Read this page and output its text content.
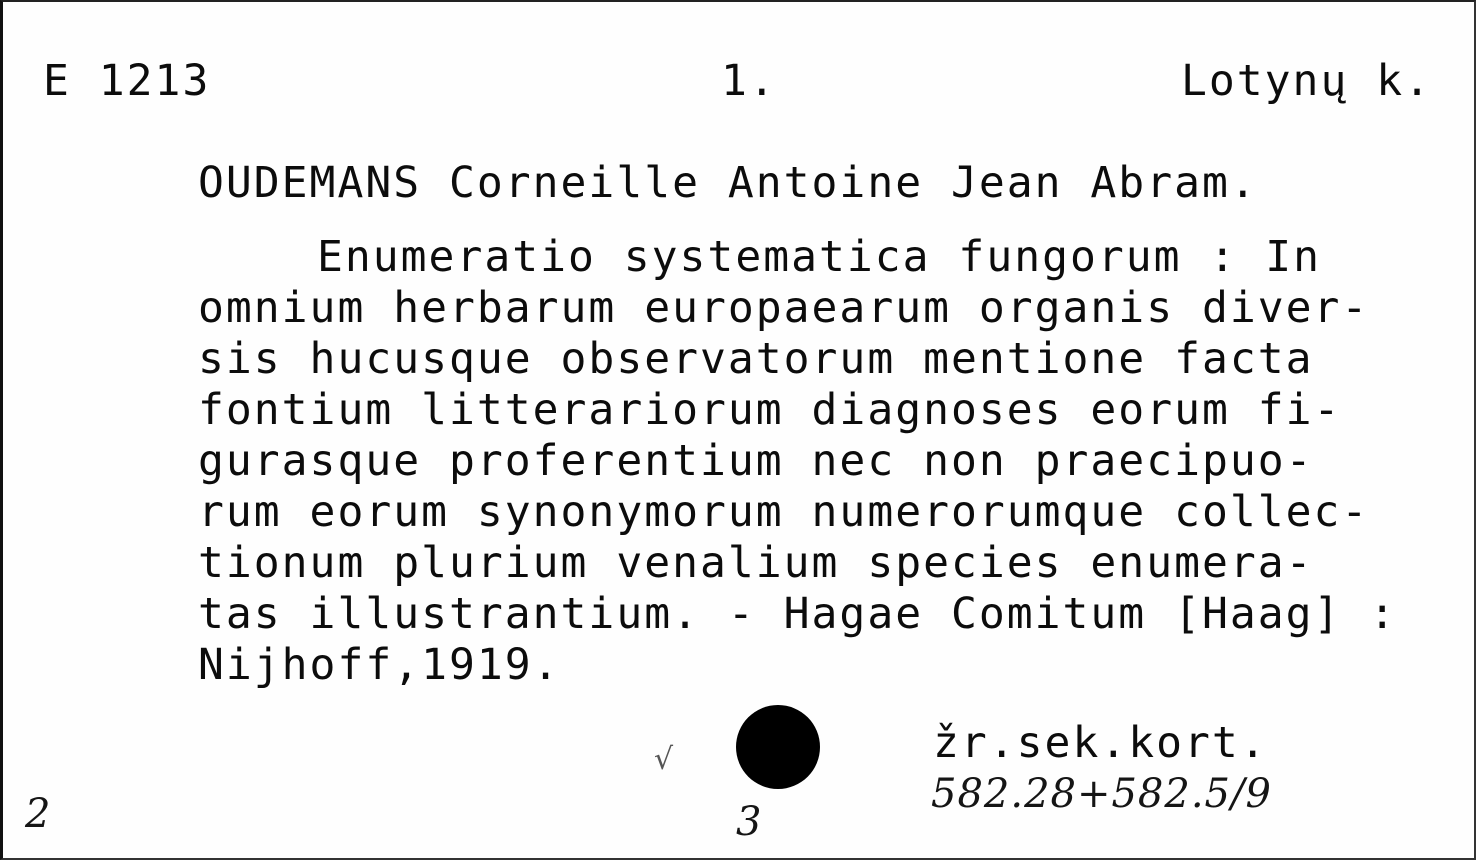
E 1213	1.	Lotynų k.
OUDEMANS Corneille Antoine Jean Abram.
Enumeratio systematica fungorum : In
omnium herbarum europaearum organis diver-
sis hucusque observatorum mentione facta
fontium litterariorum diagnoses eorum fi-
gurasque proferentium nec non praecipuo-
rum eorum synonymorum numerorumque collec-
tionum plurium venalium species enumera-
tas illustrantium. - Hagae Comitum [Haag] :
Nijhoff,1919.
√	žr.sek.kort.
582.28+582.5/9
2	3
